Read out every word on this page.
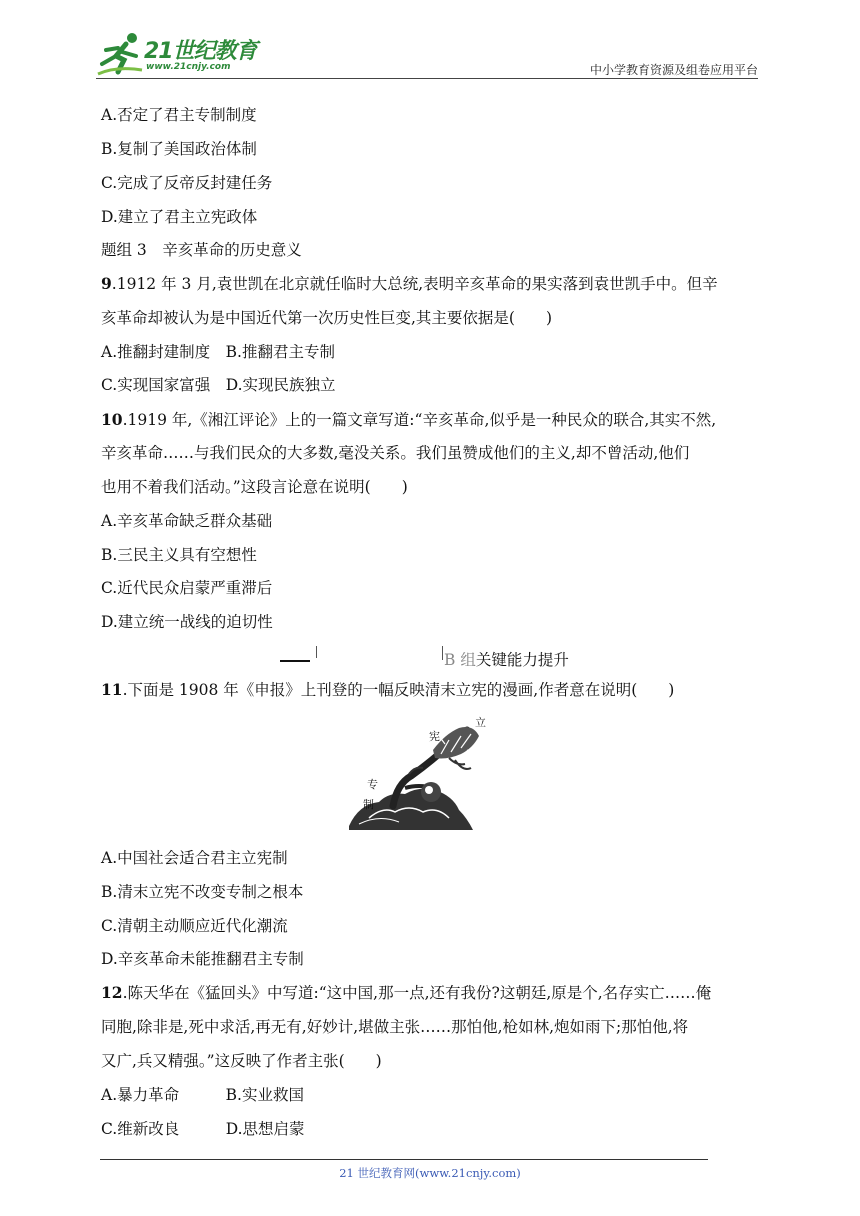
21世纪教育
www.21cnjy.com	中小学教育资源及组卷应用平台
A.否定了君主专制制度
B.复制了美国政治体制
C.完成了反帝反封建任务
D.建立了君主立宪政体
题组 3　辛亥革命的历史意义
9.1912 年 3 月,袁世凯在北京就任临时大总统,表明辛亥革命的果实落到袁世凯手中。但辛
亥革命却被认为是中国近代第一次历史性巨变,其主要依据是(　　)
A.推翻封建制度　B.推翻君主专制
C.实现国家富强　D.实现民族独立
10.1919 年,《湘江评论》上的一篇文章写道:“辛亥革命,似乎是一种民众的联合,其实不然,
辛亥革命……与我们民众的大多数,毫没关系。我们虽赞成他们的主义,却不曾活动,他们
也用不着我们活动。”这段言论意在说明(　　)
A.辛亥革命缺乏群众基础
B.三民主义具有空想性
C.近代民众启蒙严重滞后
D.建立统一战线的迫切性
B 组关键能力提升
11.下面是 1908 年《申报》上刊登的一幅反映清末立宪的漫画,作者意在说明(　　)
立
宪
专
制
A.中国社会适合君主立宪制
B.清末立宪不改变专制之根本
C.清朝主动顺应近代化潮流
D.辛亥革命未能推翻君主专制
12.陈天华在《猛回头》中写道:“这中国,那一点,还有我份?这朝廷,原是个,名存实亡……俺
同胞,除非是,死中求活,再无有,好妙计,堪做主张……那怕他,枪如林,炮如雨下;那怕他,将
又广,兵又精强。”这反映了作者主张(　　)
A.暴力革命　　　B.实业救国
C.维新改良　　　D.思想启蒙
21 世纪教育网(www.21cnjy.com)
